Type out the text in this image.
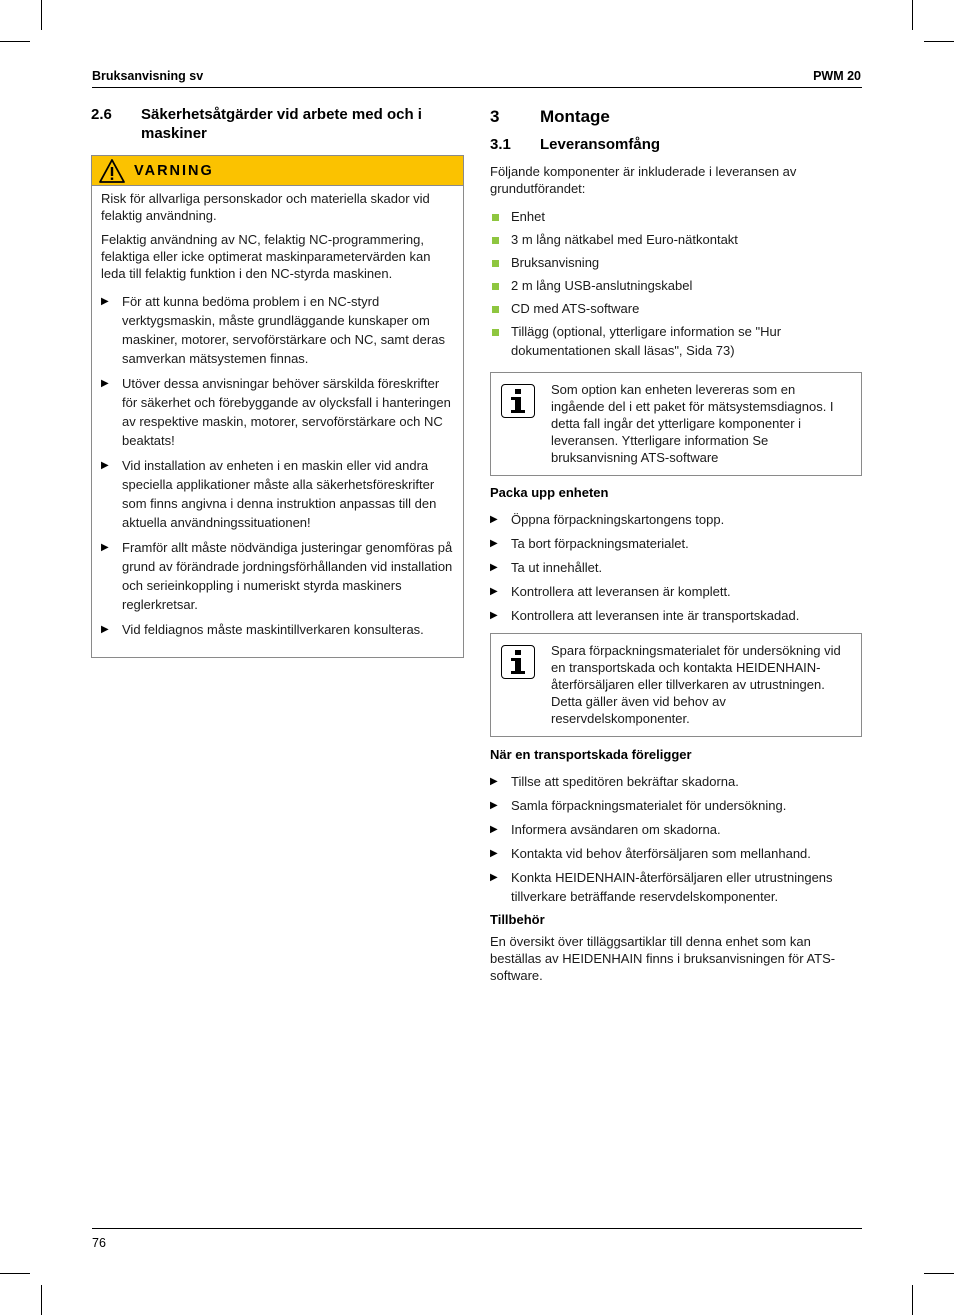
Bruksanvisning sv	PWM 20
2.6	Säkerhetsåtgärder vid arbete med och i maskiner
VARNING

Risk för allvarliga personskador och materiella skador vid felaktig användning.

Felaktig användning av NC, felaktig NC-programmering, felaktiga eller icke optimerat maskinparametervärden kan leda till felaktig funktion i den NC-styrda maskinen.

▶	För att kunna bedöma problem i en NC-styrd verktygsmaskin, måste grundläggande kunskaper om maskiner, motorer, servoförstärkare och NC, samt deras samverkan mätsystemen finnas.
▶	Utöver dessa anvisningar behöver särskilda föreskrifter för säkerhet och förebyggande av olycksfall i hanteringen av respektive maskin, motorer, servoförstärkare och NC beaktats!
▶	Vid installation av enheten i en maskin eller vid andra speciella applikationer måste alla säkerhetsföreskrifter som finns angivna i denna instruktion anpassas till den aktuella användningssituationen!
▶	Framför allt måste nödvändiga justeringar genomföras på grund av förändrade jordningsförhållanden vid installation och serieinkoppling i numeriskt styrda maskiners reglerkretsar.
▶	Vid feldiagnos måste maskintillverkaren konsulteras.
3	Montage
3.1	Leveransomfång

Följande komponenter är inkluderade i leveransen av grundutförandet:

Enhet
3 m lång nätkabel med Euro-nätkontakt
Bruksanvisning
2 m lång USB-anslutningskabel
CD med ATS-software
Tillägg (optional, ytterligare information se "Hur dokumentationen skall läsas", Sida 73)
Som option kan enheten levereras som en ingående del i ett paket för mätsystemsdiagnos. I detta fall ingår det ytterligare komponenter i leveransen. Ytterligare information Se bruksanvisning ATS-software
Packa upp enheten
▶	Öppna förpackningskartongens topp.
▶	Ta bort förpackningsmaterialet.
▶	Ta ut innehållet.
▶	Kontrollera att leveransen är komplett.
▶	Kontrollera att leveransen inte är transportskadad.
Spara förpackningsmaterialet för undersökning vid en transportskada och kontakta HEIDENHAIN-återförsäljaren eller tillverkaren av utrustningen. Detta gäller även vid behov av reservdelskomponenter.
När en transportskada föreligger
▶	Tillse att speditören bekräftar skadorna.
▶	Samla förpackningsmaterialet för undersökning.
▶	Informera avsändaren om skadorna.
▶	Kontakta vid behov återförsäljaren som mellanhand.
▶	Konkta HEIDENHAIN-återförsäljaren eller utrustningens tillverkare beträffande reservdelskomponenter.
Tillbehör

En översikt över tilläggsartiklar till denna enhet som kan beställas av HEIDENHAIN finns i bruksanvisningen för ATS-software.

76
